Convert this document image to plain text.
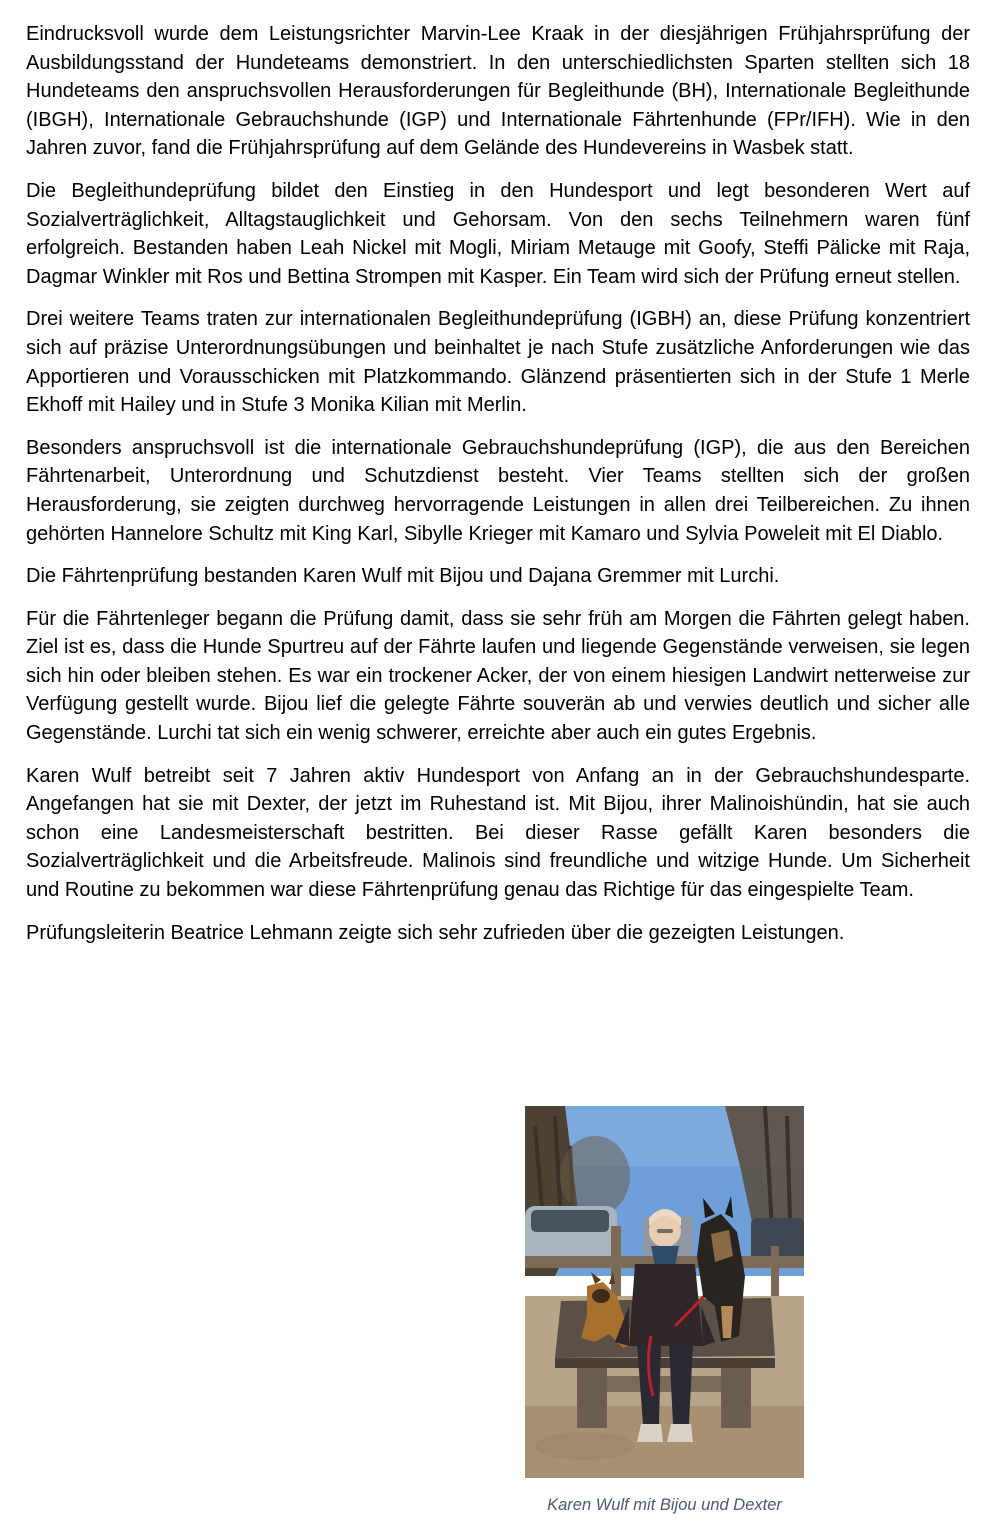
Eindrucksvoll wurde dem Leistungsrichter Marvin-Lee Kraak in der diesjährigen Frühjahrsprüfung der Ausbildungsstand der Hundeteams demonstriert. In den unterschiedlichsten Sparten stellten sich 18 Hundeteams den anspruchsvollen Herausforderungen für Begleithunde (BH), Internationale Begleithunde (IBGH), Internationale Gebrauchshunde (IGP) und Internationale Fährtenhunde (FPr/IFH). Wie in den Jahren zuvor, fand die Frühjahrsprüfung auf dem Gelände des Hundevereins in Wasbek statt.

Die Begleithundeprüfung bildet den Einstieg in den Hundesport und legt besonderen Wert auf Sozialverträglichkeit, Alltagstauglichkeit und Gehorsam. Von den sechs Teilnehmern waren fünf erfolgreich. Bestanden haben Leah Nickel mit Mogli, Miriam Metauge mit Goofy, Steffi Pälicke mit Raja, Dagmar Winkler mit Ros und Bettina Strompen mit Kasper. Ein Team wird sich der Prüfung erneut stellen.

Drei weitere Teams traten zur internationalen Begleithundeprüfung (IGBH) an, diese Prüfung konzentriert sich auf präzise Unterordnungsübungen und beinhaltet je nach Stufe zusätzliche Anforderungen wie das Apportieren und Vorausschicken mit Platzkommando. Glänzend präsentierten sich in der Stufe 1 Merle Ekhoff mit Hailey und in Stufe 3 Monika Kilian mit Merlin.

Besonders anspruchsvoll ist die internationale Gebrauchshundeprüfung (IGP), die aus den Bereichen Fährtenarbeit, Unterordnung und Schutzdienst besteht. Vier Teams stellten sich der großen Herausforderung, sie zeigten durchweg hervorragende Leistungen in allen drei Teilbereichen. Zu ihnen gehörten Hannelore Schultz mit King Karl, Sibylle Krieger mit Kamaro und Sylvia Poweleit mit El Diablo.

Die Fährtenprüfung bestanden Karen Wulf mit Bijou und Dajana Gremmer mit Lurchi.

Für die Fährtenleger begann die Prüfung damit, dass sie sehr früh am Morgen die Fährten gelegt haben. Ziel ist es, dass die Hunde Spurtreu auf der Fährte laufen und liegende Gegenstände verweisen, sie legen sich hin oder bleiben stehen. Es war ein trockener Acker, der von einem hiesigen Landwirt netterweise zur Verfügung gestellt wurde. Bijou lief die gelegte Fährte souverän ab und verwies deutlich und sicher alle Gegenstände. Lurchi tat sich ein wenig schwerer, erreichte aber auch ein gutes Ergebnis.

Karen Wulf betreibt seit 7 Jahren aktiv Hundesport von Anfang an in der Gebrauchshundesparte. Angefangen hat sie mit Dexter, der jetzt im Ruhestand ist. Mit Bijou, ihrer Malinoishündin, hat sie auch schon eine Landesmeisterschaft bestritten. Bei dieser Rasse gefällt Karen besonders die Sozialverträglichkeit und die Arbeitsfreude. Malinois sind freundliche und witzige Hunde. Um Sicherheit und Routine zu bekommen war diese Fährtenprüfung genau das Richtige für das eingespielte Team.

Prüfungsleiterin Beatrice Lehmann zeigte sich sehr zufrieden über die gezeigten Leistungen.

Karen Wulf mit Bijou und Dexter
